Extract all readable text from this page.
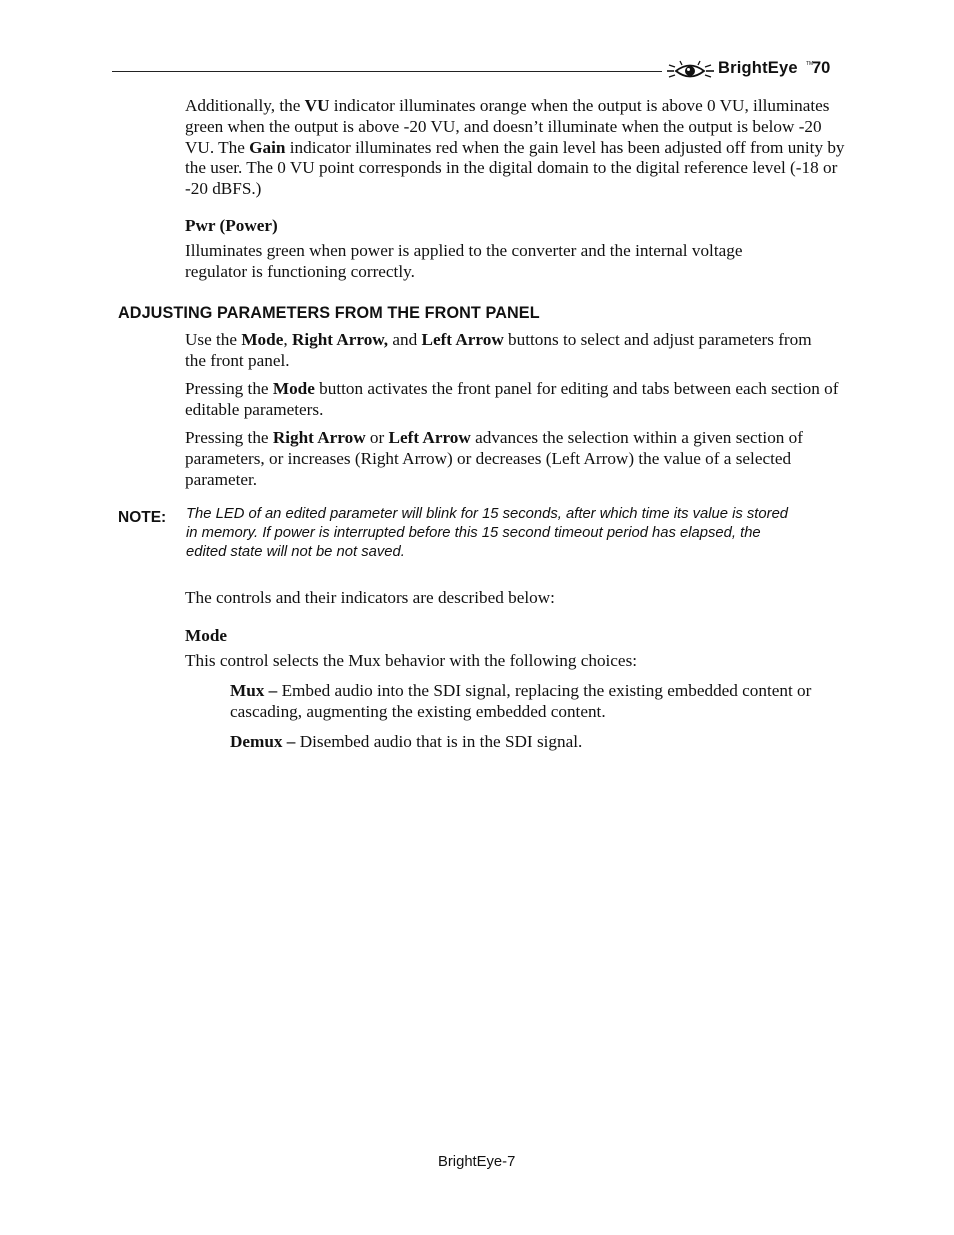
BrightEye TM
70

Additionally, the VU indicator illuminates orange when the output is above 0 VU, illuminates green when the output is above -20 VU, and doesn’t illuminate when the output is below -20 VU. The Gain indicator illuminates red when the gain level has been adjusted off from unity by the user. The 0 VU point corresponds in the digital domain to the digital reference level (-18 or -20 dBFS.)

Pwr (Power)

Illuminates green when power is applied to the converter and the internal voltage regulator is functioning correctly.

ADJUSTING PARAMETERS FROM THE FRONT PANEL

Use the Mode, Right Arrow, and Left Arrow buttons to select and adjust parameters from the front panel.

Pressing the Mode button activates the front panel for editing and tabs between each section of editable parameters.

Pressing the Right Arrow or Left Arrow advances the selection within a given section of parameters, or increases (Right Arrow) or decreases (Left Arrow) the value of a selected parameter.

NOTE: The LED of an edited parameter will blink for 15 seconds, after which time its value is stored in memory. If power is interrupted before this 15 second timeout period has elapsed, the edited state will not be not saved.

The controls and their indicators are described below:

Mode

This control selects the Mux behavior with the following choices:

Mux – Embed audio into the SDI signal, replacing the existing embedded content or cascading, augmenting the existing embedded content.

Demux – Disembed audio that is in the SDI signal.

BrightEye-7
